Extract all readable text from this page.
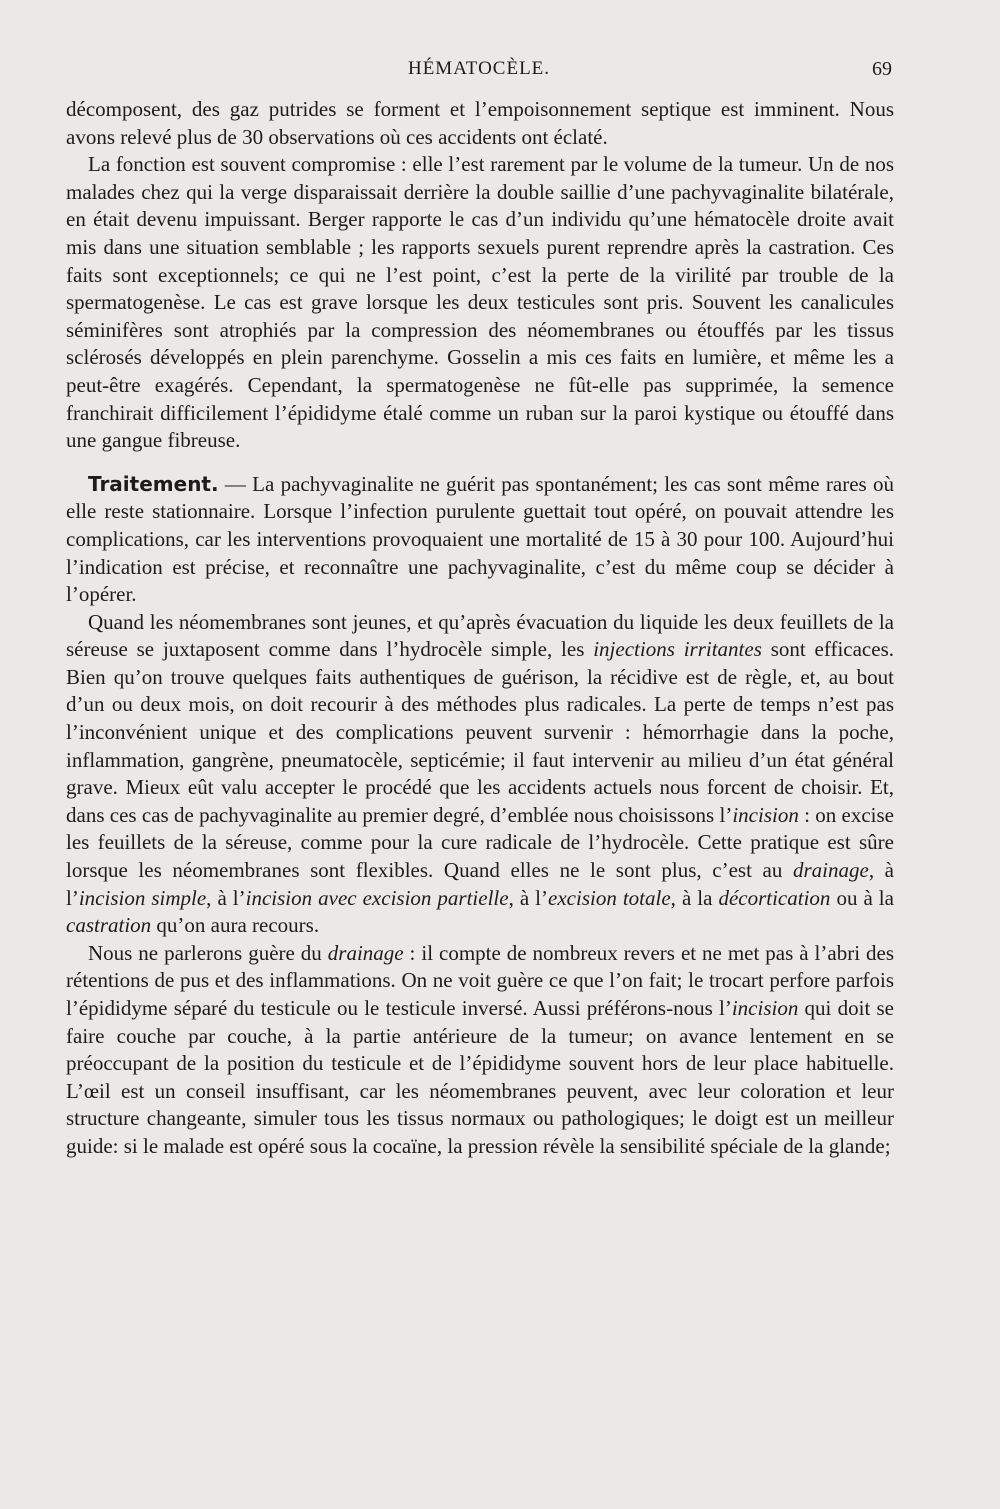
HÉMATOCÈLE.	69

décomposent, des gaz putrides se forment et l’empoisonnement septique est imminent. Nous avons relevé plus de 30 observations où ces accidents ont éclaté.

La fonction est souvent compromise : elle l’est rarement par le volume de la tumeur. Un de nos malades chez qui la verge disparaissait derrière la double saillie d’une pachyvaginalite bilatérale, en était devenu impuissant. Berger rapporte le cas d’un individu qu’une hématocèle droite avait mis dans une situation semblable ; les rapports sexuels purent reprendre après la castration. Ces faits sont exceptionnels; ce qui ne l’est point, c’est la perte de la virilité par trouble de la spermatogenèse. Le cas est grave lorsque les deux testicules sont pris. Souvent les canalicules séminifères sont atrophiés par la compression des néomembranes ou étouffés par les tissus sclérosés développés en plein parenchyme. Gosselin a mis ces faits en lumière, et même les a peut-être exagérés. Cependant, la spermatogenèse ne fût-elle pas supprimée, la semence franchirait difficilement l’épididyme étalé comme un ruban sur la paroi kystique ou étouffé dans une gangue fibreuse.

Traitement. — La pachyvaginalite ne guérit pas spontanément; les cas sont même rares où elle reste stationnaire. Lorsque l’infection purulente guettait tout opéré, on pouvait attendre les complications, car les interventions provoquaient une mortalité de 15 à 30 pour 100. Aujourd’hui l’indication est précise, et reconnaître une pachyvaginalite, c’est du même coup se décider à l’opérer.

Quand les néomembranes sont jeunes, et qu’après évacuation du liquide les deux feuillets de la séreuse se juxtaposent comme dans l’hydrocèle simple, les injections irritantes sont efficaces. Bien qu’on trouve quelques faits authentiques de guérison, la récidive est de règle, et, au bout d’un ou deux mois, on doit recourir à des méthodes plus radicales. La perte de temps n’est pas l’inconvénient unique et des complications peuvent survenir : hémorrhagie dans la poche, inflammation, gangrène, pneumatocèle, septicémie; il faut intervenir au milieu d’un état général grave. Mieux eût valu accepter le procédé que les accidents actuels nous forcent de choisir. Et, dans ces cas de pachyvaginalite au premier degré, d’emblée nous choisissons l’incision : on excise les feuillets de la séreuse, comme pour la cure radicale de l’hydrocèle. Cette pratique est sûre lorsque les néomembranes sont flexibles. Quand elles ne le sont plus, c’est au drainage, à l’incision simple, à l’incision avec excision partielle, à l’excision totale, à la décortication ou à la castration qu’on aura recours.

Nous ne parlerons guère du drainage : il compte de nombreux revers et ne met pas à l’abri des rétentions de pus et des inflammations. On ne voit guère ce que l’on fait; le trocart perfore parfois l’épididyme séparé du testicule ou le testicule inversé. Aussi préférons-nous l’incision qui doit se faire couche par couche, à la partie antérieure de la tumeur; on avance lentement en se préoccupant de la position du testicule et de l’épididyme souvent hors de leur place habituelle. L’œil est un conseil insuffisant, car les néomembranes peuvent, avec leur coloration et leur structure changeante, simuler tous les tissus normaux ou pathologiques; le doigt est un meilleur guide: si le malade est opéré sous la cocaïne, la pression révèle la sensibilité spéciale de la glande;
